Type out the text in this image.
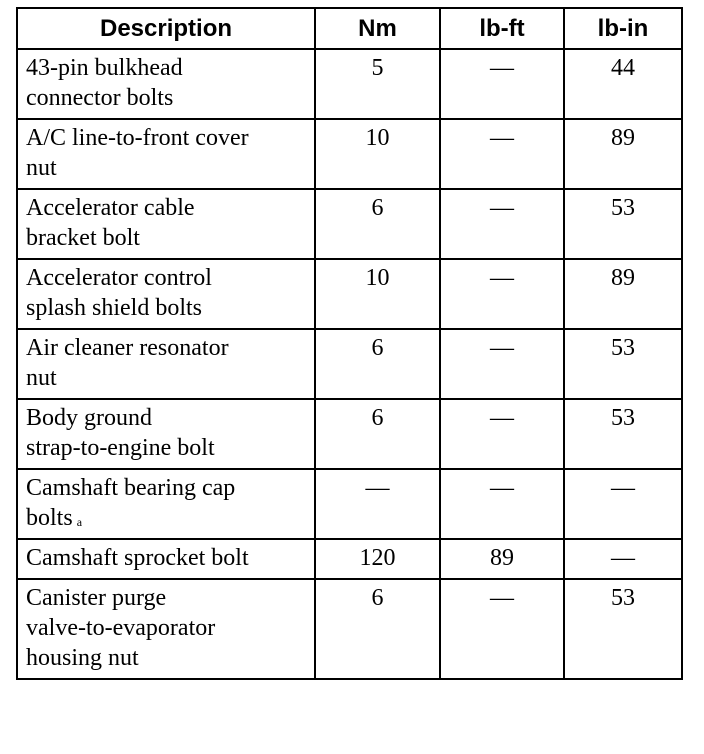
Description	Nm	lb-ft	lb-in
43-pin bulkhead
connector bolts	5	—	44
A/C line-to-front cover
nut	10	—	89
Accelerator cable
bracket bolt	6	—	53
Accelerator control
splash shield bolts	10	—	89
Air cleaner resonator
nut	6	—	53
Body ground
strap-to-engine bolt	6	—	53
Camshaft bearing cap
bolts $^a$	—	—	—
Camshaft sprocket bolt	120	89	—
Canister purge
valve-to-evaporator
housing nut	6	—	53
